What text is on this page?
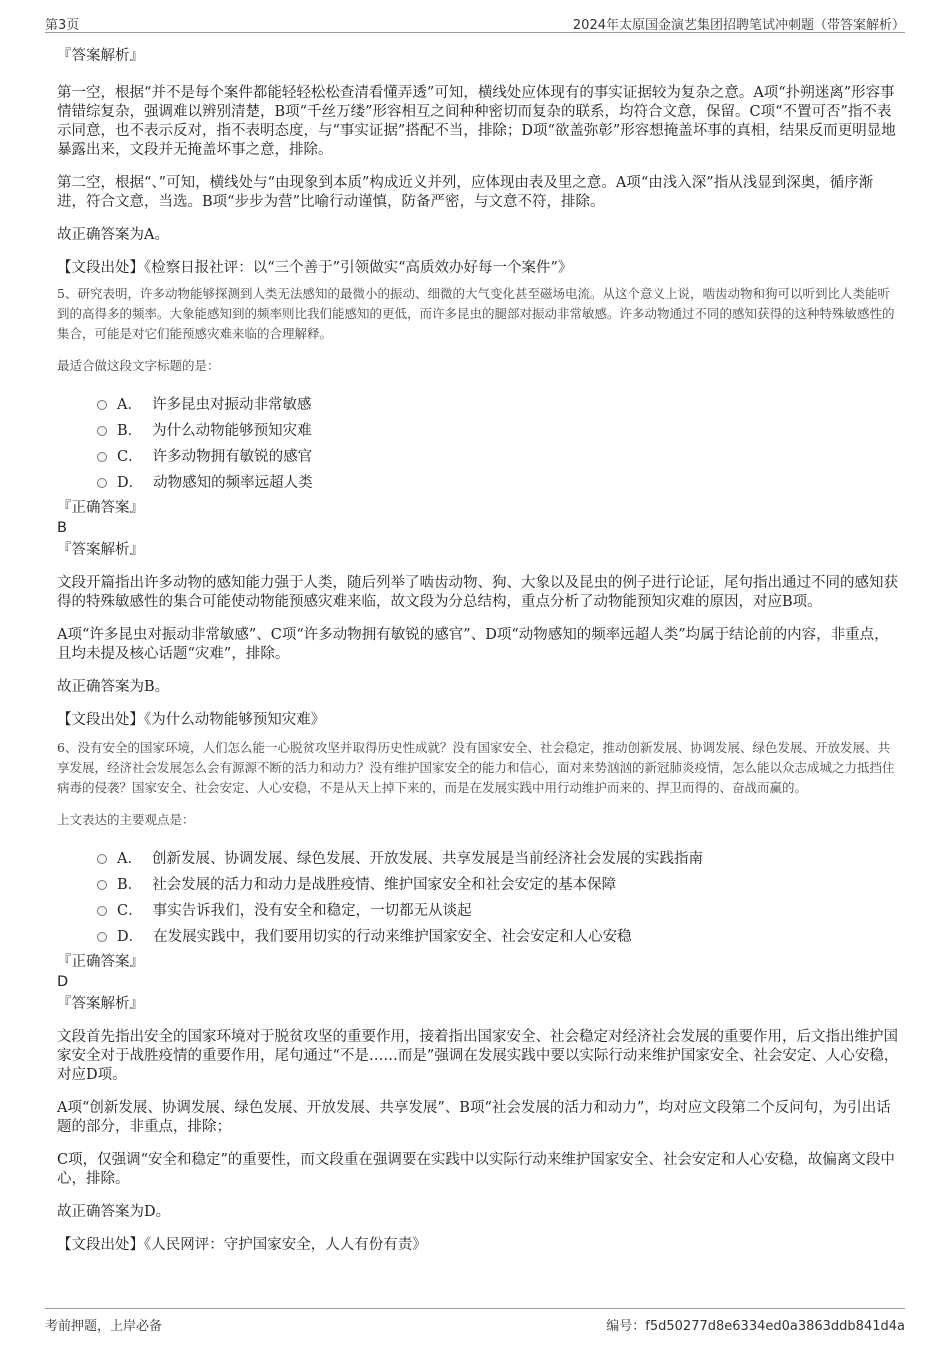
第3页	2024年太原国金演艺集团招聘笔试冲刺题（带答案解析）

『答案解析』

第一空，根据“并不是每个案件都能轻轻松松查清看懂弄透”可知，横线处应体现有的事实证据较为复杂之意。A项“扑朔迷离”形容事情错综复杂，强调难以辨别清楚，B项“千丝万缕”形容相互之间种种密切而复杂的联系，均符合文意，保留。C项“不置可否”指不表示同意，也不表示反对，指不表明态度，与“事实证据”搭配不当，排除；D项“欲盖弥彰”形容想掩盖坏事的真相，结果反而更明显地暴露出来，文段并无掩盖坏事之意，排除。

第二空，根据“、”可知，横线处与“由现象到本质”构成近义并列，应体现由表及里之意。A项“由浅入深”指从浅显到深奥，循序渐进，符合文意，当选。B项“步步为营”比喻行动谨慎，防备严密，与文意不符，排除。

故正确答案为A。

【文段出处】《检察日报社评：以“三个善于”引领做实“高质效办好每一个案件”》

5、研究表明，许多动物能够探测到人类无法感知的最微小的振动、细微的大气变化甚至磁场电流。从这个意义上说，啮齿动物和狗可以听到比人类能听到的高得多的频率。大象能感知到的频率则比我们能感知的更低，而许多昆虫的腿部对振动非常敏感。许多动物通过不同的感知获得的这种特殊敏感性的集合，可能是对它们能预感灾难来临的合理解释。

最适合做这段文字标题的是：

A． 许多昆虫对振动非常敏感
B． 为什么动物能够预知灾难
C． 许多动物拥有敏锐的感官
D． 动物感知的频率远超人类

『正确答案』

B

『答案解析』

文段开篇指出许多动物的感知能力强于人类，随后列举了啮齿动物、狗、大象以及昆虫的例子进行论证，尾句指出通过不同的感知获得的特殊敏感性的集合可能使动物能预感灾难来临，故文段为分总结构，重点分析了动物能预知灾难的原因，对应B项。

A项“许多昆虫对振动非常敏感”、C项“许多动物拥有敏锐的感官”、D项“动物感知的频率远超人类”均属于结论前的内容，非重点，且均未提及核心话题“灾难”，排除。

故正确答案为B。

【文段出处】《为什么动物能够预知灾难》

6、没有安全的国家环境，人们怎么能一心脱贫攻坚并取得历史性成就？没有国家安全、社会稳定，推动创新发展、协调发展、绿色发展、开放发展、共享发展，经济社会发展怎么会有源源不断的活力和动力？没有维护国家安全的能力和信心，面对来势汹汹的新冠肺炎疫情，怎么能以众志成城之力抵挡住病毒的侵袭？国家安全、社会安定、人心安稳，不是从天上掉下来的，而是在发展实践中用行动维护而来的、捍卫而得的、奋战而赢的。

上文表达的主要观点是：

A． 创新发展、协调发展、绿色发展、开放发展、共享发展是当前经济社会发展的实践指南
B． 社会发展的活力和动力是战胜疫情、维护国家安全和社会安定的基本保障
C． 事实告诉我们，没有安全和稳定，一切都无从谈起
D． 在发展实践中，我们要用切实的行动来维护国家安全、社会安定和人心安稳

『正确答案』

D

『答案解析』

文段首先指出安全的国家环境对于脱贫攻坚的重要作用，接着指出国家安全、社会稳定对经济社会发展的重要作用，后文指出维护国家安全对于战胜疫情的重要作用，尾句通过“不是……而是”强调在发展实践中要以实际行动来维护国家安全、社会安定、人心安稳，对应D项。

A项“创新发展、协调发展、绿色发展、开放发展、共享发展”、B项“社会发展的活力和动力”，均对应文段第二个反问句，为引出话题的部分，非重点，排除；

C项，仅强调“安全和稳定”的重要性，而文段重在强调要在实践中以实际行动来维护国家安全、社会安定和人心安稳，故偏离文段中心，排除。

故正确答案为D。

【文段出处】《人民网评：守护国家安全，人人有份有责》

考前押题，上岸必备	编号：f5d50277d8e6334ed0a3863ddb841d4a
